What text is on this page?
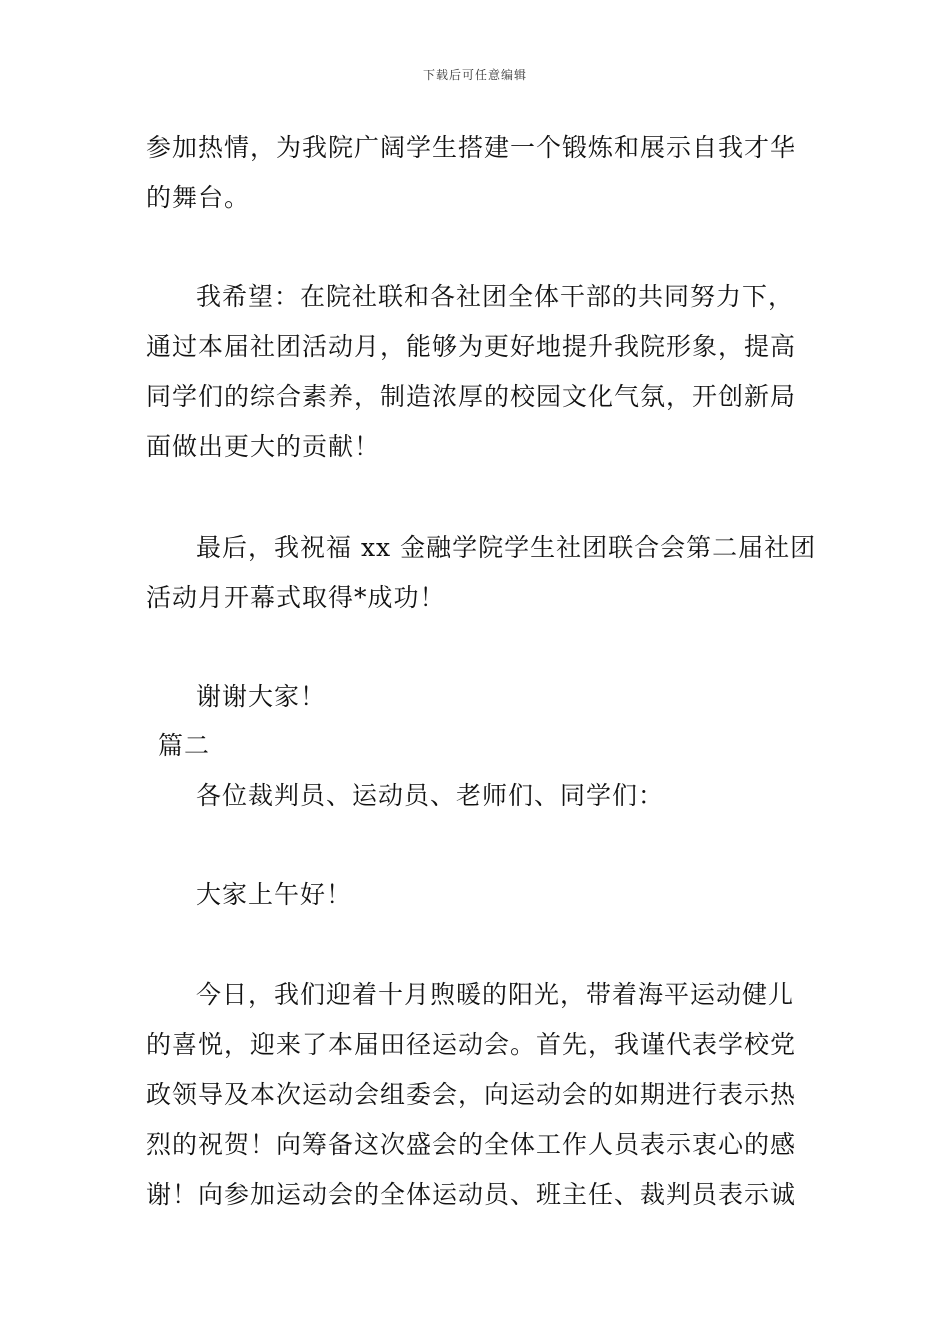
下载后可任意编辑
参加热情，为我院广阔学生搭建一个锻炼和展示自我才华
的舞台。
我希望：在院社联和各社团全体干部的共同努力下，
通过本届社团活动月，能够为更好地提升我院形象，提高
同学们的综合素养，制造浓厚的校园文化气氛，开创新局
面做出更大的贡献！
最后，我祝福 xx 金融学院学生社团联合会第二届社团
活动月开幕式取得*成功！
谢谢大家！
篇二
各位裁判员、运动员、老师们、同学们：
大家上午好！
今日，我们迎着十月煦暖的阳光，带着海平运动健儿
的喜悦，迎来了本届田径运动会。首先，我谨代表学校党
政领导及本次运动会组委会，向运动会的如期进行表示热
烈的祝贺！向筹备这次盛会的全体工作人员表示衷心的感
谢！向参加运动会的全体运动员、班主任、裁判员表示诚
